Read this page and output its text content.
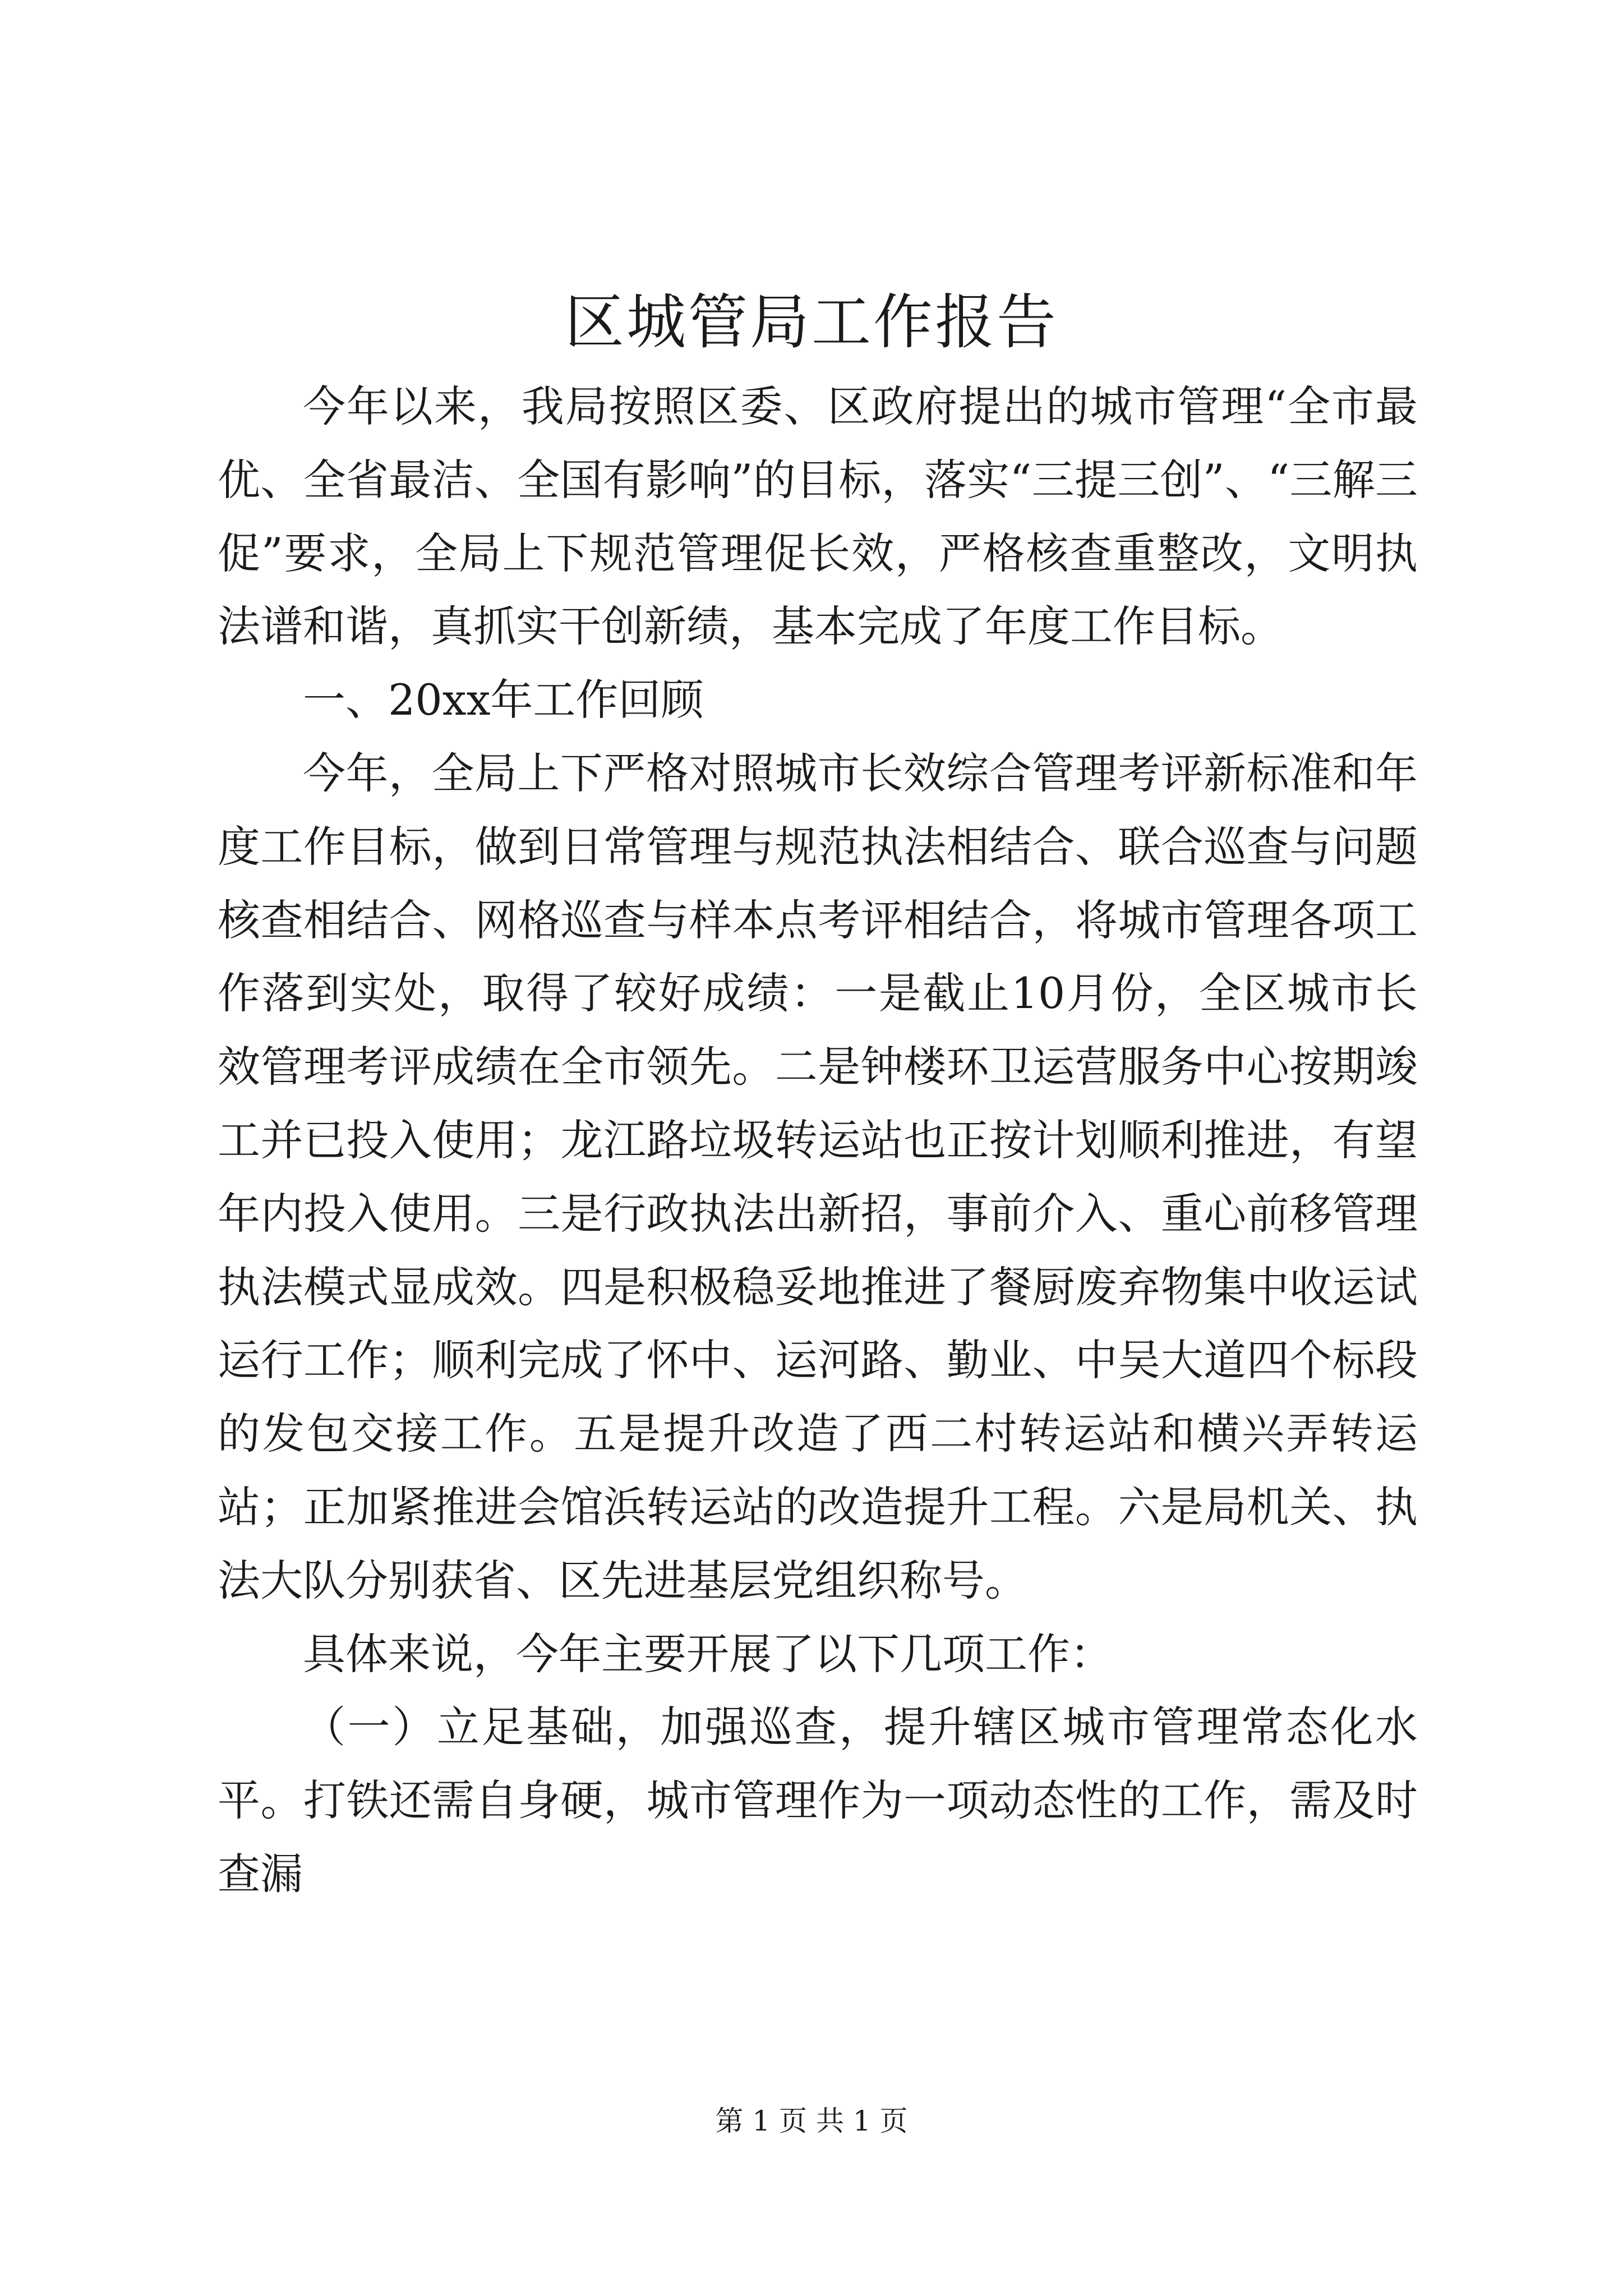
区城管局工作报告

今年以来，我局按照区委、区政府提出的城市管理“全市最优、全省最洁、全国有影响”的目标，落实“三提三创”、“三解三促”要求，全局上下规范管理促长效，严格核查重整改，文明执法谱和谐，真抓实干创新绩，基本完成了年度工作目标。

一、20xx年工作回顾

今年，全局上下严格对照城市长效综合管理考评新标准和年度工作目标，做到日常管理与规范执法相结合、联合巡查与问题核查相结合、网格巡查与样本点考评相结合，将城市管理各项工作落到实处，取得了较好成绩：一是截止10月份，全区城市长效管理考评成绩在全市领先。二是钟楼环卫运营服务中心按期竣工并已投入使用；龙江路垃圾转运站也正按计划顺利推进，有望年内投入使用。三是行政执法出新招，事前介入、重心前移管理执法模式显成效。四是积极稳妥地推进了餐厨废弃物集中收运试运行工作；顺利完成了怀中、运河路、勤业、中吴大道四个标段的发包交接工作。五是提升改造了西二村转运站和横兴弄转运站；正加紧推进会馆浜转运站的改造提升工程。六是局机关、执法大队分别获省、区先进基层党组织称号。

具体来说，今年主要开展了以下几项工作：

（一）立足基础，加强巡查，提升辖区城市管理常态化水平。打铁还需自身硬，城市管理作为一项动态性的工作，需及时查漏

第 1 页 共 1 页
